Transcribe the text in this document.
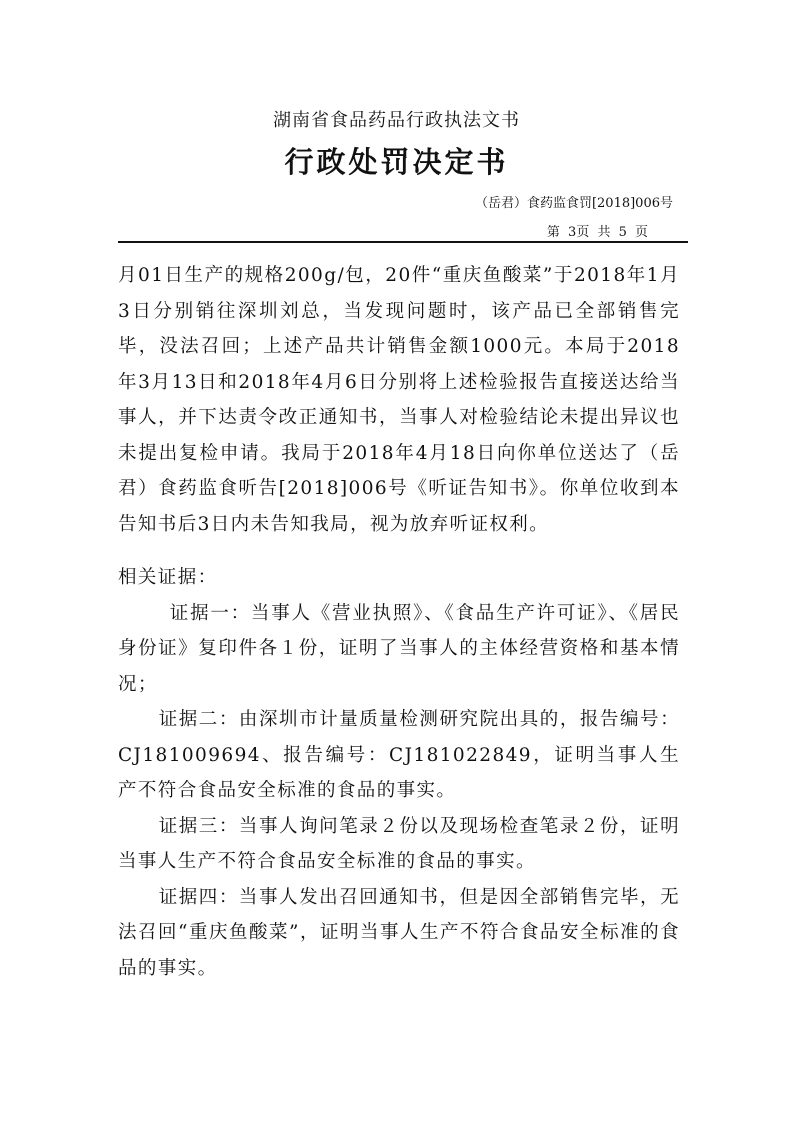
湖南省食品药品行政执法文书
行政处罚决定书
（岳君）食药监食罚[2018]006号
第 3页 共 5 页

月01日生产的规格200g/包，20件“重庆鱼酸菜”于2018年1月3日分别销往深圳刘总，当发现问题时，该产品已全部销售完毕，没法召回；上述产品共计销售金额1000元。本局于2018年3月13日和2018年4月6日分别将上述检验报告直接送达给当事人，并下达责令改正通知书，当事人对检验结论未提出异议也未提出复检申请。我局于2018年4月18日向你单位送达了（岳君）食药监食听告[2018]006号《听证告知书》。你单位收到本告知书后3日内未告知我局，视为放弃听证权利。

相关证据：

证据一：当事人《营业执照》、《食品生产许可证》、《居民身份证》复印件各１份，证明了当事人的主体经营资格和基本情况；

证据二：由深圳市计量质量检测研究院出具的，报告编号：CJ181009694、报告编号：CJ181022849，证明当事人生产不符合食品安全标准的食品的事实。

证据三：当事人询问笔录２份以及现场检查笔录２份，证明当事人生产不符合食品安全标准的食品的事实。

证据四：当事人发出召回通知书，但是因全部销售完毕，无法召回“重庆鱼酸菜”，证明当事人生产不符合食品安全标准的食品的事实。
